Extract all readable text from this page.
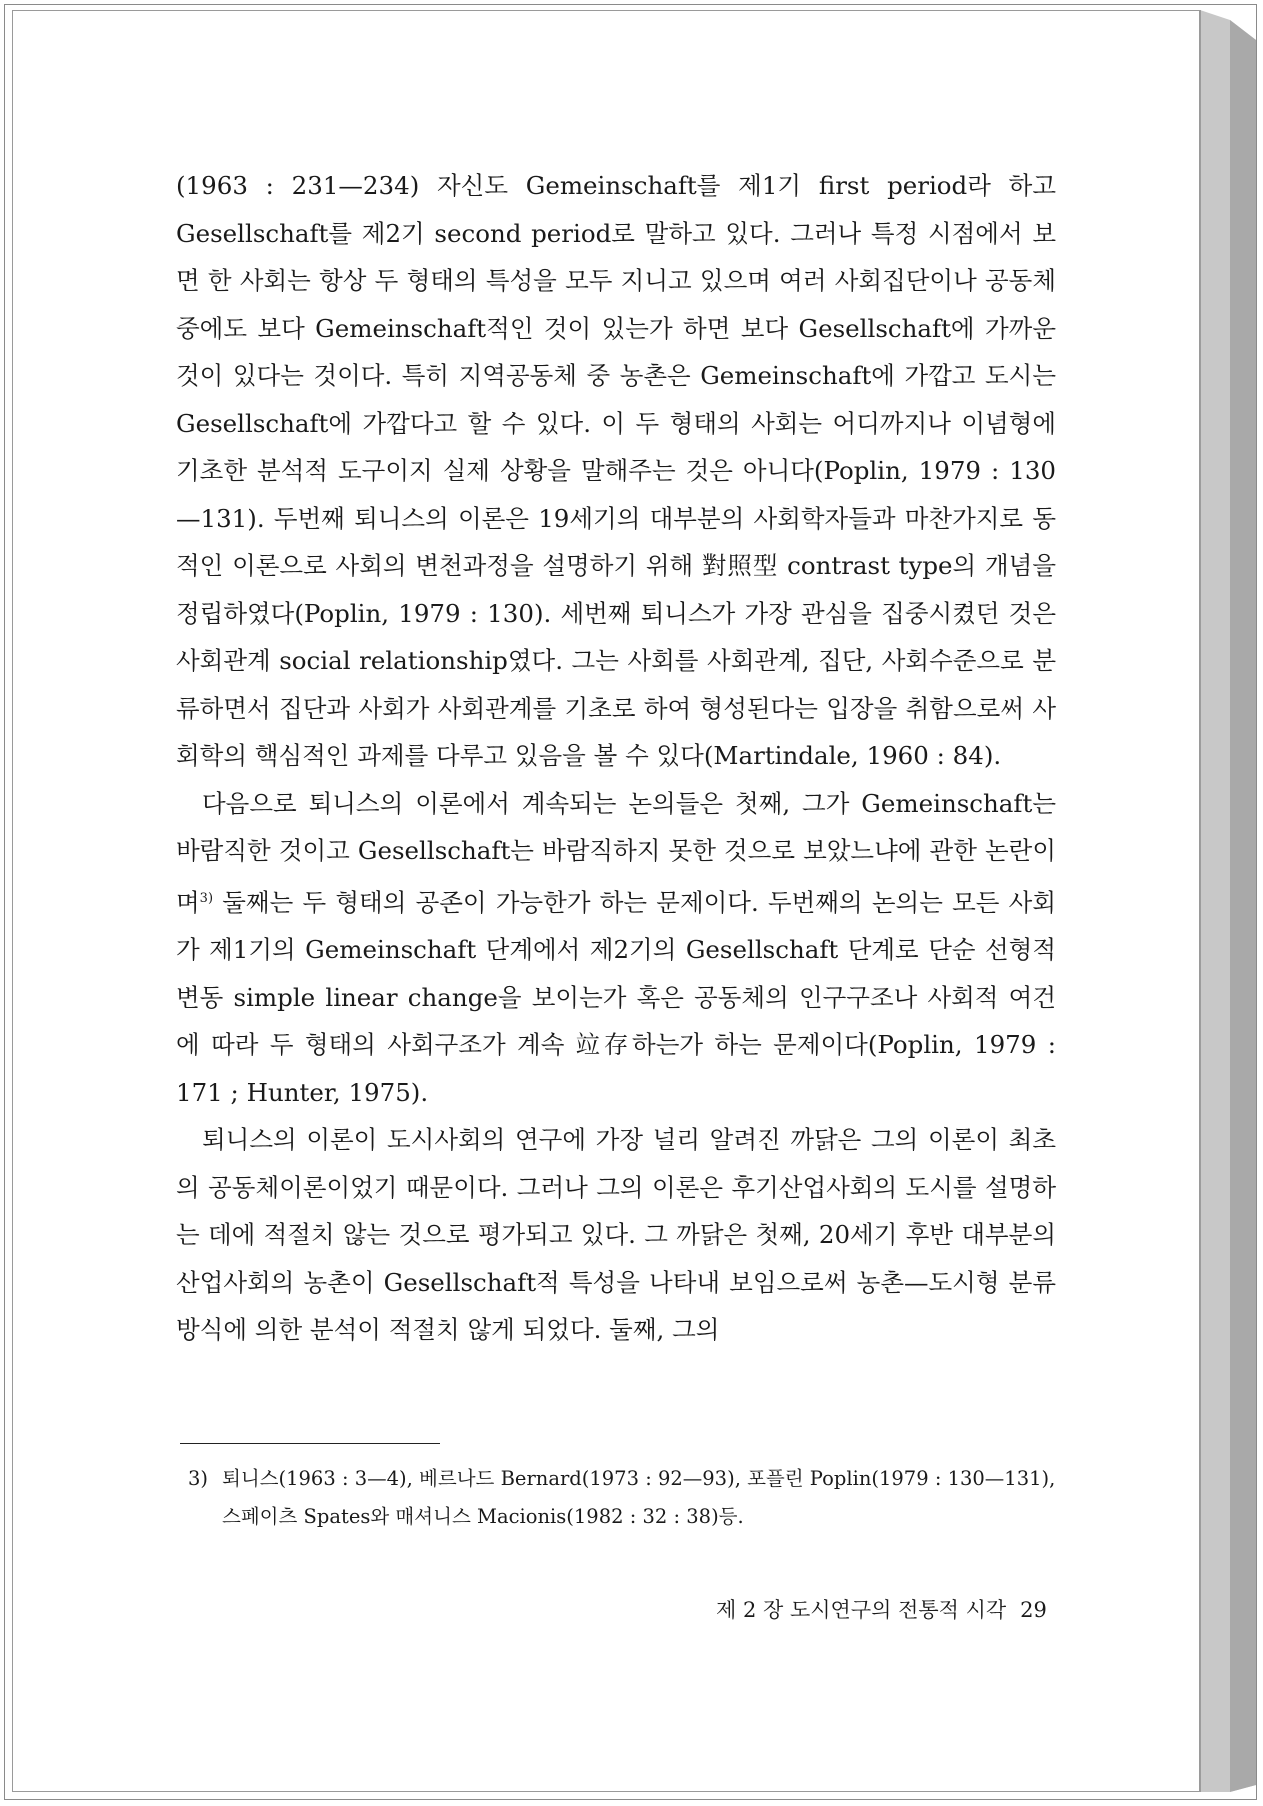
(1963 : 231—234) 자신도 Gemeinschaft를 제1기 first period라 하고 Gesellschaft를 제2기 second period로 말하고 있다. 그러나 특정 시점에서 보면 한 사회는 항상 두 형태의 특성을 모두 지니고 있으며 여러 사회집단이나 공동체 중에도 보다 Gemeinschaft적인 것이 있는가 하면 보다 Gesellschaft에 가까운 것이 있다는 것이다. 특히 지역공동체 중 농촌은 Gemeinschaft에 가깝고 도시는 Gesellschaft에 가깝다고 할 수 있다. 이 두 형태의 사회는 어디까지나 이념형에 기초한 분석적 도구이지 실제 상황을 말해주는 것은 아니다(Poplin, 1979 : 130—131). 두번째 퇴니스의 이론은 19세기의 대부분의 사회학자들과 마찬가지로 동적인 이론으로 사회의 변천과정을 설명하기 위해 對照型 contrast type의 개념을 정립하였다(Poplin, 1979 : 130). 세번째 퇴니스가 가장 관심을 집중시켰던 것은 사회관계 social relationship였다. 그는 사회를 사회관계, 집단, 사회수준으로 분류하면서 집단과 사회가 사회관계를 기초로 하여 형성된다는 입장을 취함으로써 사회학의 핵심적인 과제를 다루고 있음을 볼 수 있다(Martindale, 1960 : 84).

다음으로 퇴니스의 이론에서 계속되는 논의들은 첫째, 그가 Gemeinschaft는 바람직한 것이고 Gesellschaft는 바람직하지 못한 것으로 보았느냐에 관한 논란이며$^{3)}$ 둘째는 두 형태의 공존이 가능한가 하는 문제이다. 두번째의 논의는 모든 사회가 제1기의 Gemeinschaft 단계에서 제2기의 Gesellschaft 단계로 단순 선형적 변동 simple linear change을 보이는가 혹은 공동체의 인구구조나 사회적 여건에 따라 두 형태의 사회구조가 계속 竝存하는가 하는 문제이다(Poplin, 1979 : 171 ; Hunter, 1975).

퇴니스의 이론이 도시사회의 연구에 가장 널리 알려진 까닭은 그의 이론이 최초의 공동체이론이었기 때문이다. 그러나 그의 이론은 후기산업사회의 도시를 설명하는 데에 적절치 않는 것으로 평가되고 있다. 그 까닭은 첫째, 20세기 후반 대부분의 산업사회의 농촌이 Gesellschaft적 특성을 나타내 보임으로써 농촌—도시형 분류 방식에 의한 분석이 적절치 않게 되었다. 둘째, 그의

3) 퇴니스(1963 : 3—4), 베르나드 Bernard(1973 : 92—93), 포플린 Poplin(1979 : 130—131),
스페이츠 Spates와 매셔니스 Macionis(1982 : 32 : 38)등.
제 2 장 도시연구의 전통적 시각 29
